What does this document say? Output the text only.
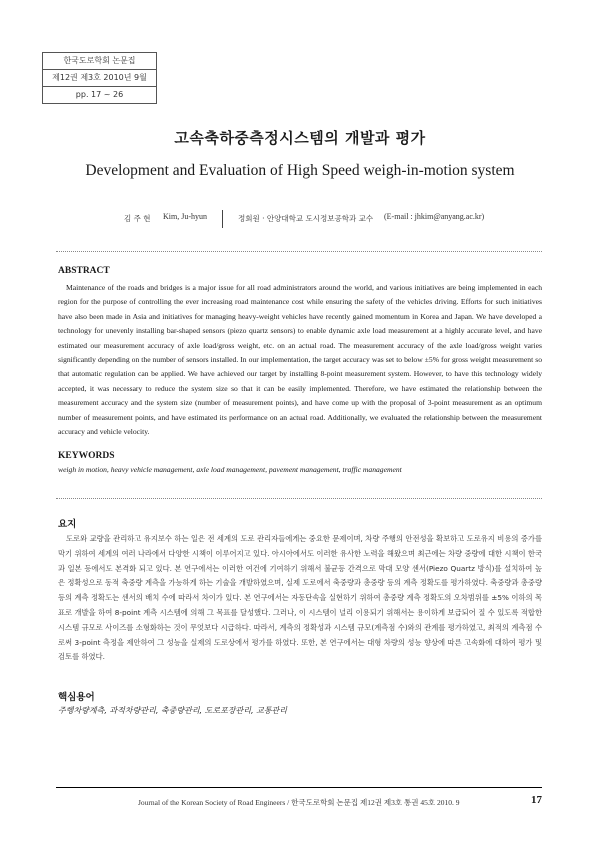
한국도로학회 논문집
제12권 제3호 2010년 9월
pp. 17 ~ 26
고속축하중측정시스템의 개발과 평가
Development and Evaluation of High Speed weigh-in-motion system
김 주 현 Kim, Ju-hyun	정회원 · 안양대학교 도시정보공학과 교수 (E-mail : jhkim@anyang.ac.kr)
ABSTRACT

Maintenance of the roads and bridges is a major issue for all road administrators around the world, and various initiatives are being implemented in each region for the purpose of controlling the ever increasing road maintenance cost while ensuring the safety of the vehicles driving. Efforts for such initiatives have also been made in Asia and initiatives for managing heavy-weight vehicles have recently gained momentum in Korea and Japan. We have developed a technology for unevenly installing bar-shaped sensors (piezo quartz sensors) to enable dynamic axle load measurement at a highly accurate level, and have estimated our measurement accuracy of axle load/gross weight, etc. on an actual road. The measurement accuracy of the axle load/gross weight varies significantly depending on the number of sensors installed. In our implementation, the target accuracy was set to below ±5% for gross weight measurement so that automatic regulation can be applied. We have achieved our target by installing 8-point measurement system. However, to have this technology widely accepted, it was necessary to reduce the system size so that it can be easily implemented. Therefore, we have estimated the relationship between the measurement accuracy and the system size (number of measurement points), and have come up with the proposal of 3-point measurement as an optimum number of measurement points, and have estimated its performance on an actual road. Additionally, we evaluated the relationship between the measurement accuracy and vehicle velocity.

KEYWORDS

weigh in motion, heavy vehicle management, axle load management, pavement management, traffic management

요지

도로와 교량을 관리하고 유지보수 하는 일은 전 세계의 도로 관리자들에게는 중요한 문제이며, 차량 주행의 안전성을 확보하고 도로유지 비용의 증가를 막기 위하여 세계의 여러 나라에서 다양한 시책이 이루어지고 있다. 아시아에서도 이러한 유사한 노력을 해왔으며 최근에는 차량 중량에 대한 시책이 한국과 일본 등에서도 본격화 되고 있다. 본 연구에서는 이러한 여건에 기여하기 위해서 불균등 간격으로 막대 모양 센서(Piezo Quartz 방식)를 설치하여 높은 정확성으로 동적 축중량 계측을 가능하게 하는 기술을 개발하였으며, 실제 도로에서 축중량과 총중량 등의 계측 정확도를 평가하였다. 축중량과 총중량 등의 계측 정확도는 센서의 배치 수에 따라서 차이가 있다. 본 연구에서는 자동단속을 실현하기 위하여 총중량 계측 정확도의 오차범위를 ±5% 이하의 목표로 개발을 하여 8-point 계측 시스템에 의해 그 목표를 달성했다. 그러나, 이 시스템이 널리 이용되기 위해서는 용이하게 보급되어 질 수 있도록 적합한 시스템 규모로 사이즈를 소형화하는 것이 무엇보다 시급하다. 따라서, 계측의 정확성과 시스템 규모(계측점 수)와의 관계를 평가하였고, 최적의 계측점 수로써 3-point 측정을 제안하여 그 성능을 실제의 도로상에서 평가를 하였다. 또한, 본 연구에서는 대형 차량의 성능 향상에 따른 고속화에 대하여 평가 및 검토를 하였다.

핵심용어

주행차량계측, 과적차량관리, 축중량관리, 도로포장관리, 교통관리

Journal of the Korean Society of Road Engineers / 한국도로학회 논문집 제12권 제3호 통권 45호 2010. 9	17
